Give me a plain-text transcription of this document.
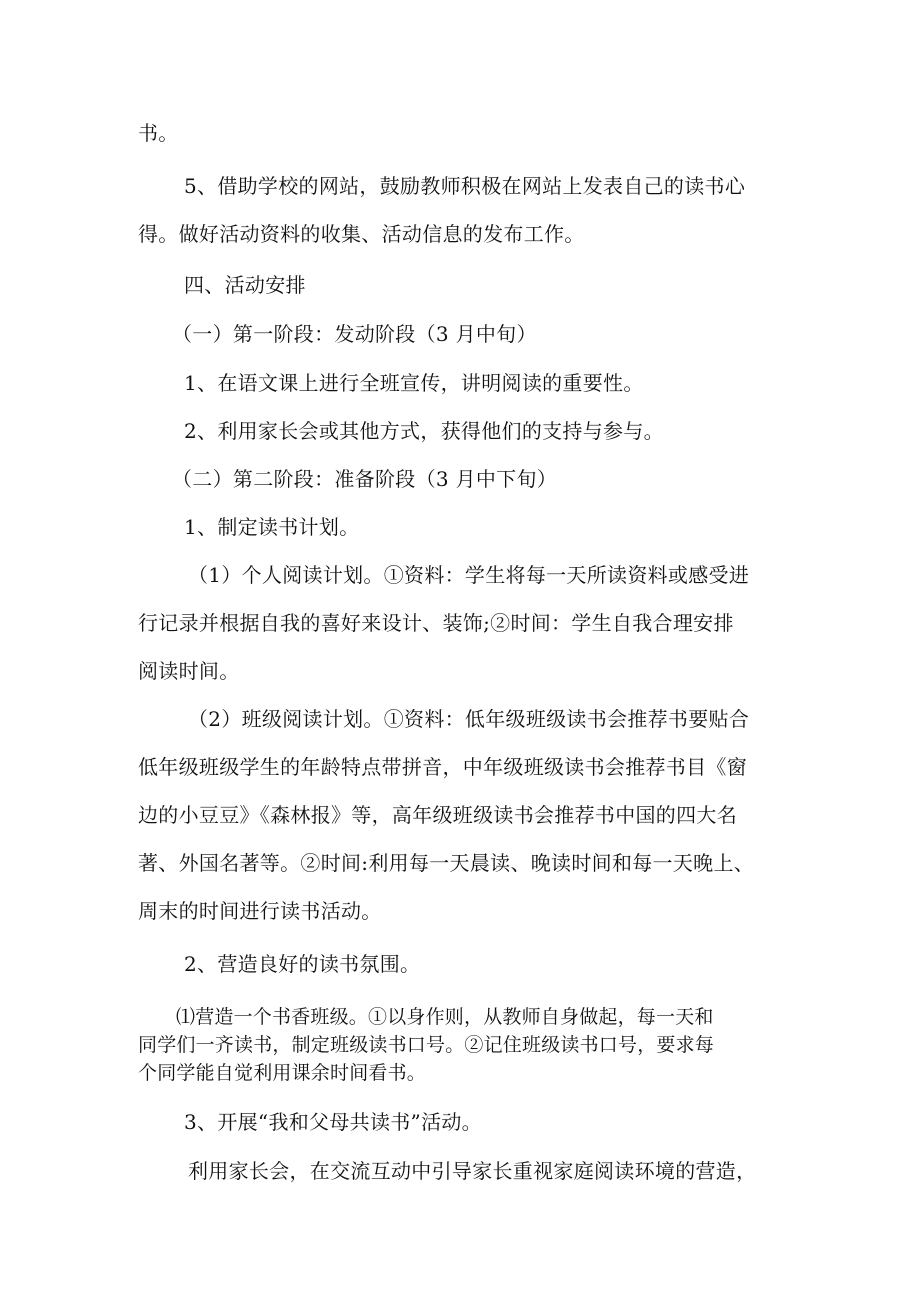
书。
5、借助学校的网站，鼓励教师积极在网站上发表自己的读书心
得。做好活动资料的收集、活动信息的发布工作。
四、活动安排
（一）第一阶段：发动阶段（3 月中旬）
1、在语文课上进行全班宣传，讲明阅读的重要性。
2、利用家长会或其他方式，获得他们的支持与参与。
（二）第二阶段：准备阶段（3 月中下旬）
1、制定读书计划。
（1）个人阅读计划。①资料：学生将每一天所读资料或感受进
行记录并根据自我的喜好来设计、装饰;②时间：学生自我合理安排
阅读时间。
（2）班级阅读计划。①资料：低年级班级读书会推荐书要贴合
低年级班级学生的年龄特点带拼音，中年级班级读书会推荐书目《窗
边的小豆豆》《森林报》等，高年级班级读书会推荐书中国的四大名
著、外国名著等。②时间:利用每一天晨读、晚读时间和每一天晚上、
周末的时间进行读书活动。
2、营造良好的读书氛围。
⑴营造一个书香班级。①以身作则，从教师自身做起，每一天和
同学们一齐读书，制定班级读书口号。②记住班级读书口号，要求每
个同学能自觉利用课余时间看书。
3、开展“我和父母共读书”活动。
利用家长会，在交流互动中引导家长重视家庭阅读环境的营造，
